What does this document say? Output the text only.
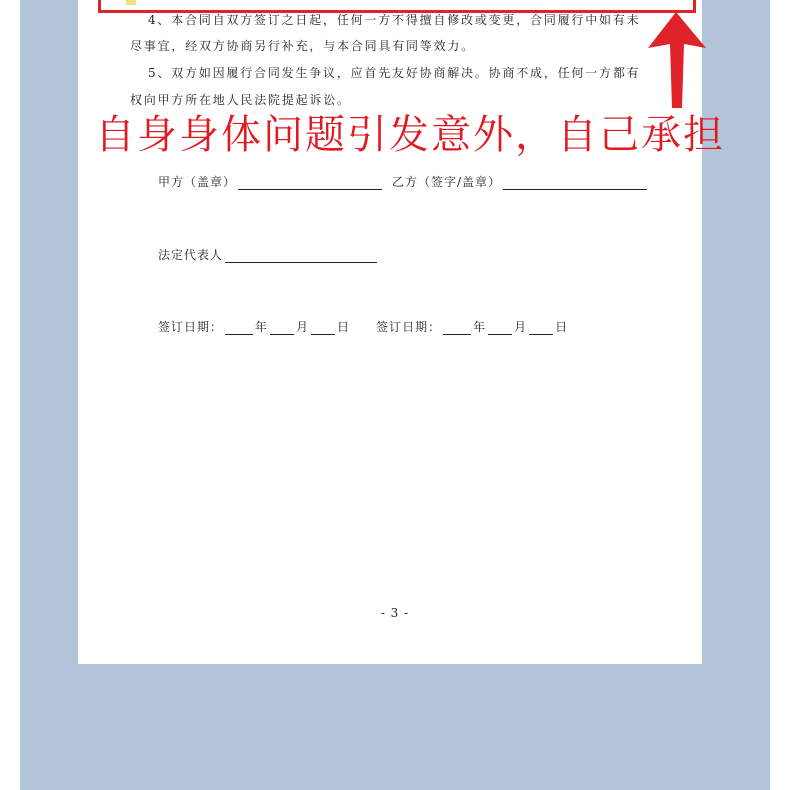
4、本合同自双方签订之日起，任何一方不得擅自修改或变更，合同履行中如有未
尽事宜，经双方协商另行补充，与本合同具有同等效力。
5、双方如因履行合同发生争议，应首先友好协商解决。协商不成，任何一方都有
权向甲方所在地人民法院提起诉讼。
自身身体问题引发意外，自己承担
甲方（盖章）	乙方（签字/盖章）
法定代表人
签订日期：	年 月 日 签订日期：	年 月 日
- 3 -
